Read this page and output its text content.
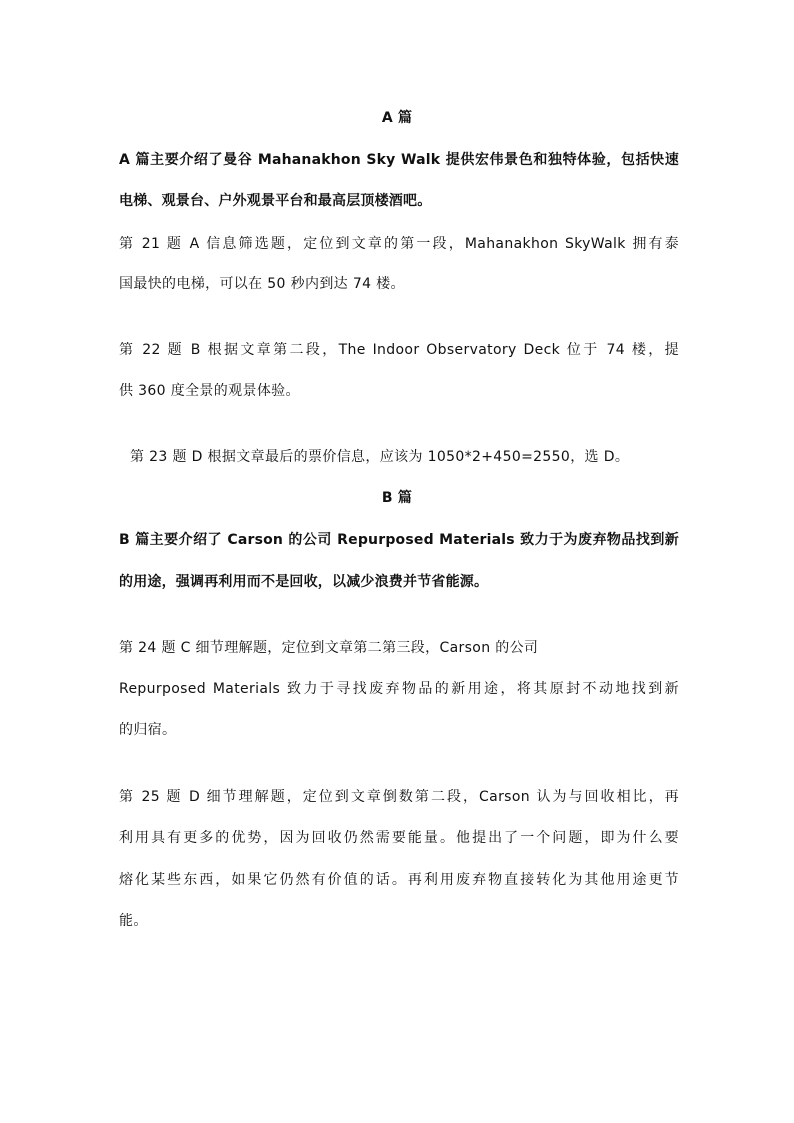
A 篇
A 篇主要介绍了曼谷 Mahanakhon Sky Walk 提供宏伟景色和独特体验，包括快速
电梯、观景台、户外观景平台和最高层顶楼酒吧。
第 21 题 A 信息筛选题，定位到文章的第一段，Mahanakhon SkyWalk 拥有泰
国最快的电梯，可以在 50 秒内到达 74 楼。
第 22 题 B 根据文章第二段，The Indoor Observatory Deck 位于 74 楼，提
供 360 度全景的观景体验。
第 23 题 D 根据文章最后的票价信息，应该为 1050*2+450=2550，选 D。
B 篇
B 篇主要介绍了 Carson 的公司 Repurposed Materials 致力于为废弃物品找到新
的用途，强调再利用而不是回收，以减少浪费并节省能源。
第 24 题 C 细节理解题，定位到文章第二第三段，Carson 的公司
Repurposed Materials 致力于寻找废弃物品的新用途，将其原封不动地找到新
的归宿。
第 25 题 D 细节理解题，定位到文章倒数第二段，Carson 认为与回收相比，再
利用具有更多的优势，因为回收仍然需要能量。他提出了一个问题，即为什么要
熔化某些东西，如果它仍然有价值的话。再利用废弃物直接转化为其他用途更节
能。
